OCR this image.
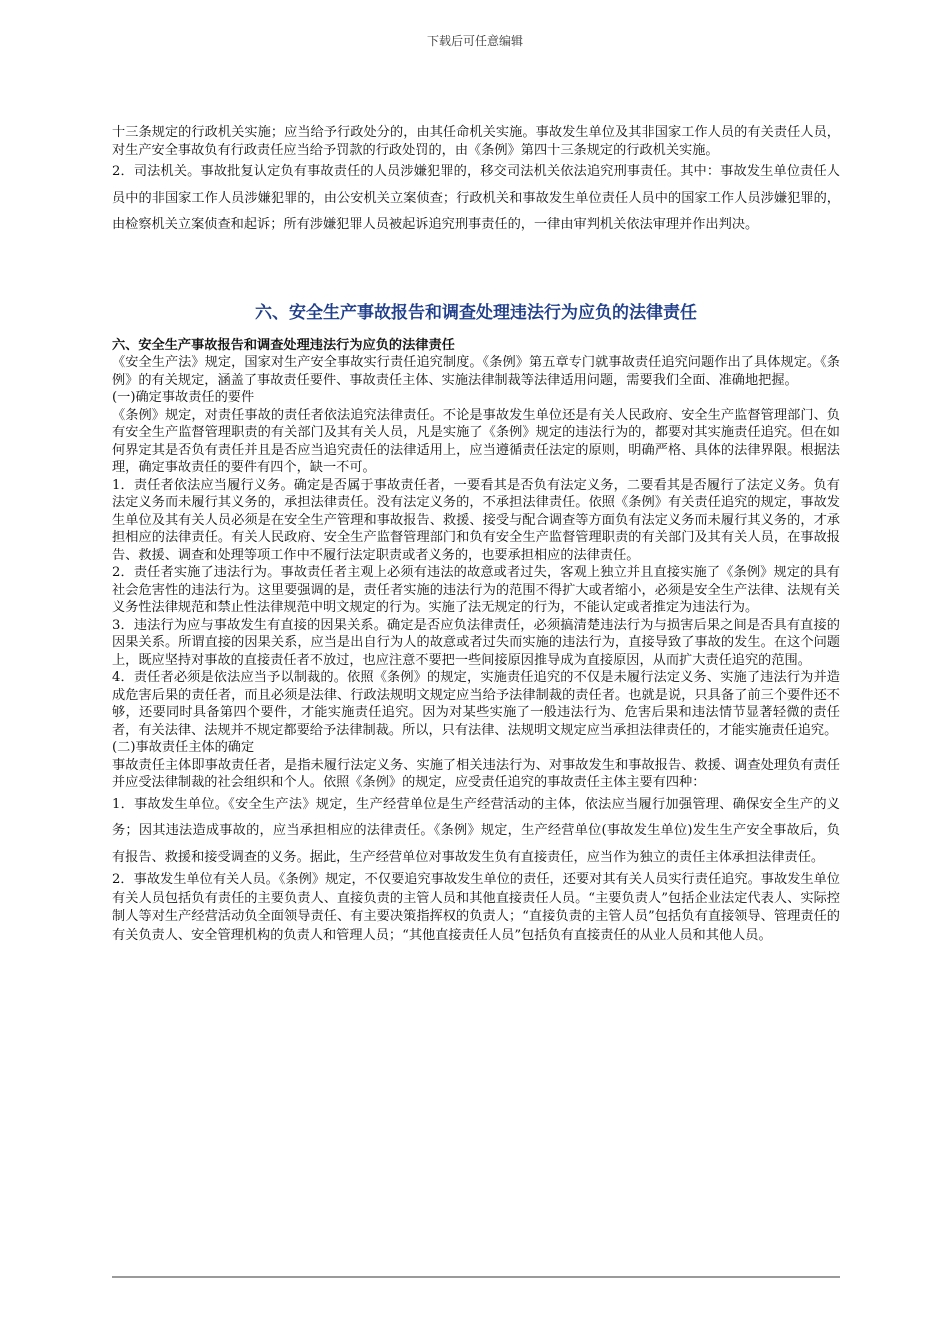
下载后可任意编辑

十三条规定的行政机关实施；应当给予行政处分的，由其任命机关实施。事故发生单位及其非国家工作人员的有关责任人员，对生产安全事故负有行政责任应当给予罚款的行政处罚的，由《条例》第四十三条规定的行政机关实施。

2．司法机关。事故批复认定负有事故责任的人员涉嫌犯罪的，移交司法机关依法追究刑事责任。其中：事故发生单位责任人员中的非国家工作人员涉嫌犯罪的，由公安机关立案侦查；行政机关和事故发生单位责任人员中的国家工作人员涉嫌犯罪的，由检察机关立案侦查和起诉；所有涉嫌犯罪人员被起诉追究刑事责任的，一律由审判机关依法审理并作出判决。

六、安全生产事故报告和调查处理违法行为应负的法律责任

六、安全生产事故报告和调查处理违法行为应负的法律责任

《安全生产法》规定，国家对生产安全事故实行责任追究制度。《条例》第五章专门就事故责任追究问题作出了具体规定。《条例》的有关规定，涵盖了事故责任要件、事故责任主体、实施法律制裁等法律适用问题，需要我们全面、准确地把握。

(一)确定事故责任的要件

《条例》规定，对责任事故的责任者依法追究法律责任。不论是事故发生单位还是有关人民政府、安全生产监督管理部门、负有安全生产监督管理职责的有关部门及其有关人员，凡是实施了《条例》规定的违法行为的，都要对其实施责任追究。但在如何界定其是否负有责任并且是否应当追究责任的法律适用上，应当遵循责任法定的原则，明确严格、具体的法律界限。根据法理，确定事故责任的要件有四个，缺一不可。

1．责任者依法应当履行义务。确定是否属于事故责任者，一要看其是否负有法定义务，二要看其是否履行了法定义务。负有法定义务而未履行其义务的，承担法律责任。没有法定义务的，不承担法律责任。依照《条例》有关责任追究的规定，事故发生单位及其有关人员必须是在安全生产管理和事故报告、救援、接受与配合调查等方面负有法定义务而未履行其义务的，才承担相应的法律责任。有关人民政府、安全生产监督管理部门和负有安全生产监督管理职责的有关部门及其有关人员，在事故报告、救援、调查和处理等项工作中不履行法定职责或者义务的，也要承担相应的法律责任。

2．责任者实施了违法行为。事故责任者主观上必须有违法的故意或者过失，客观上独立并且直接实施了《条例》规定的具有社会危害性的违法行为。这里要强调的是，责任者实施的违法行为的范围不得扩大或者缩小，必须是安全生产法律、法规有关义务性法律规范和禁止性法律规范中明文规定的行为。实施了法无规定的行为，不能认定或者推定为违法行为。

3．违法行为应与事故发生有直接的因果关系。确定是否应负法律责任，必须搞清楚违法行为与损害后果之间是否具有直接的因果关系。所谓直接的因果关系，应当是出自行为人的故意或者过失而实施的违法行为，直接导致了事故的发生。在这个问题上，既应坚持对事故的直接责任者不放过，也应注意不要把一些间接原因推导成为直接原因，从而扩大责任追究的范围。

4．责任者必须是依法应当予以制裁的。依照《条例》的规定，实施责任追究的不仅是未履行法定义务、实施了违法行为并造成危害后果的责任者，而且必须是法律、行政法规明文规定应当给予法律制裁的责任者。也就是说，只具备了前三个要件还不够，还要同时具备第四个要件，才能实施责任追究。因为对某些实施了一般违法行为、危害后果和违法情节显著轻微的责任者，有关法律、法规并不规定都要给予法律制裁。所以，只有法律、法规明文规定应当承担法律责任的，才能实施责任追究。

(二)事故责任主体的确定

事故责任主体即事故责任者，是指未履行法定义务、实施了相关违法行为、对事故发生和事故报告、救援、调查处理负有责任并应受法律制裁的社会组织和个人。依照《条例》的规定，应受责任追究的事故责任主体主要有四种：

1．事故发生单位。《安全生产法》规定，生产经营单位是生产经营活动的主体，依法应当履行加强管理、确保安全生产的义务；因其违法造成事故的，应当承担相应的法律责任。《条例》规定，生产经营单位(事故发生单位)发生生产安全事故后，负有报告、救援和接受调查的义务。据此，生产经营单位对事故发生负有直接责任，应当作为独立的责任主体承担法律责任。

2．事故发生单位有关人员。《条例》规定，不仅要追究事故发生单位的责任，还要对其有关人员实行责任追究。事故发生单位有关人员包括负有责任的主要负责人、直接负责的主管人员和其他直接责任人员。“主要负责人”包括企业法定代表人、实际控制人等对生产经营活动负全面领导责任、有主要决策指挥权的负责人；“直接负责的主管人员”包括负有直接领导、管理责任的有关负责人、安全管理机构的负责人和管理人员；“其他直接责任人员”包括负有直接责任的从业人员和其他人员。
